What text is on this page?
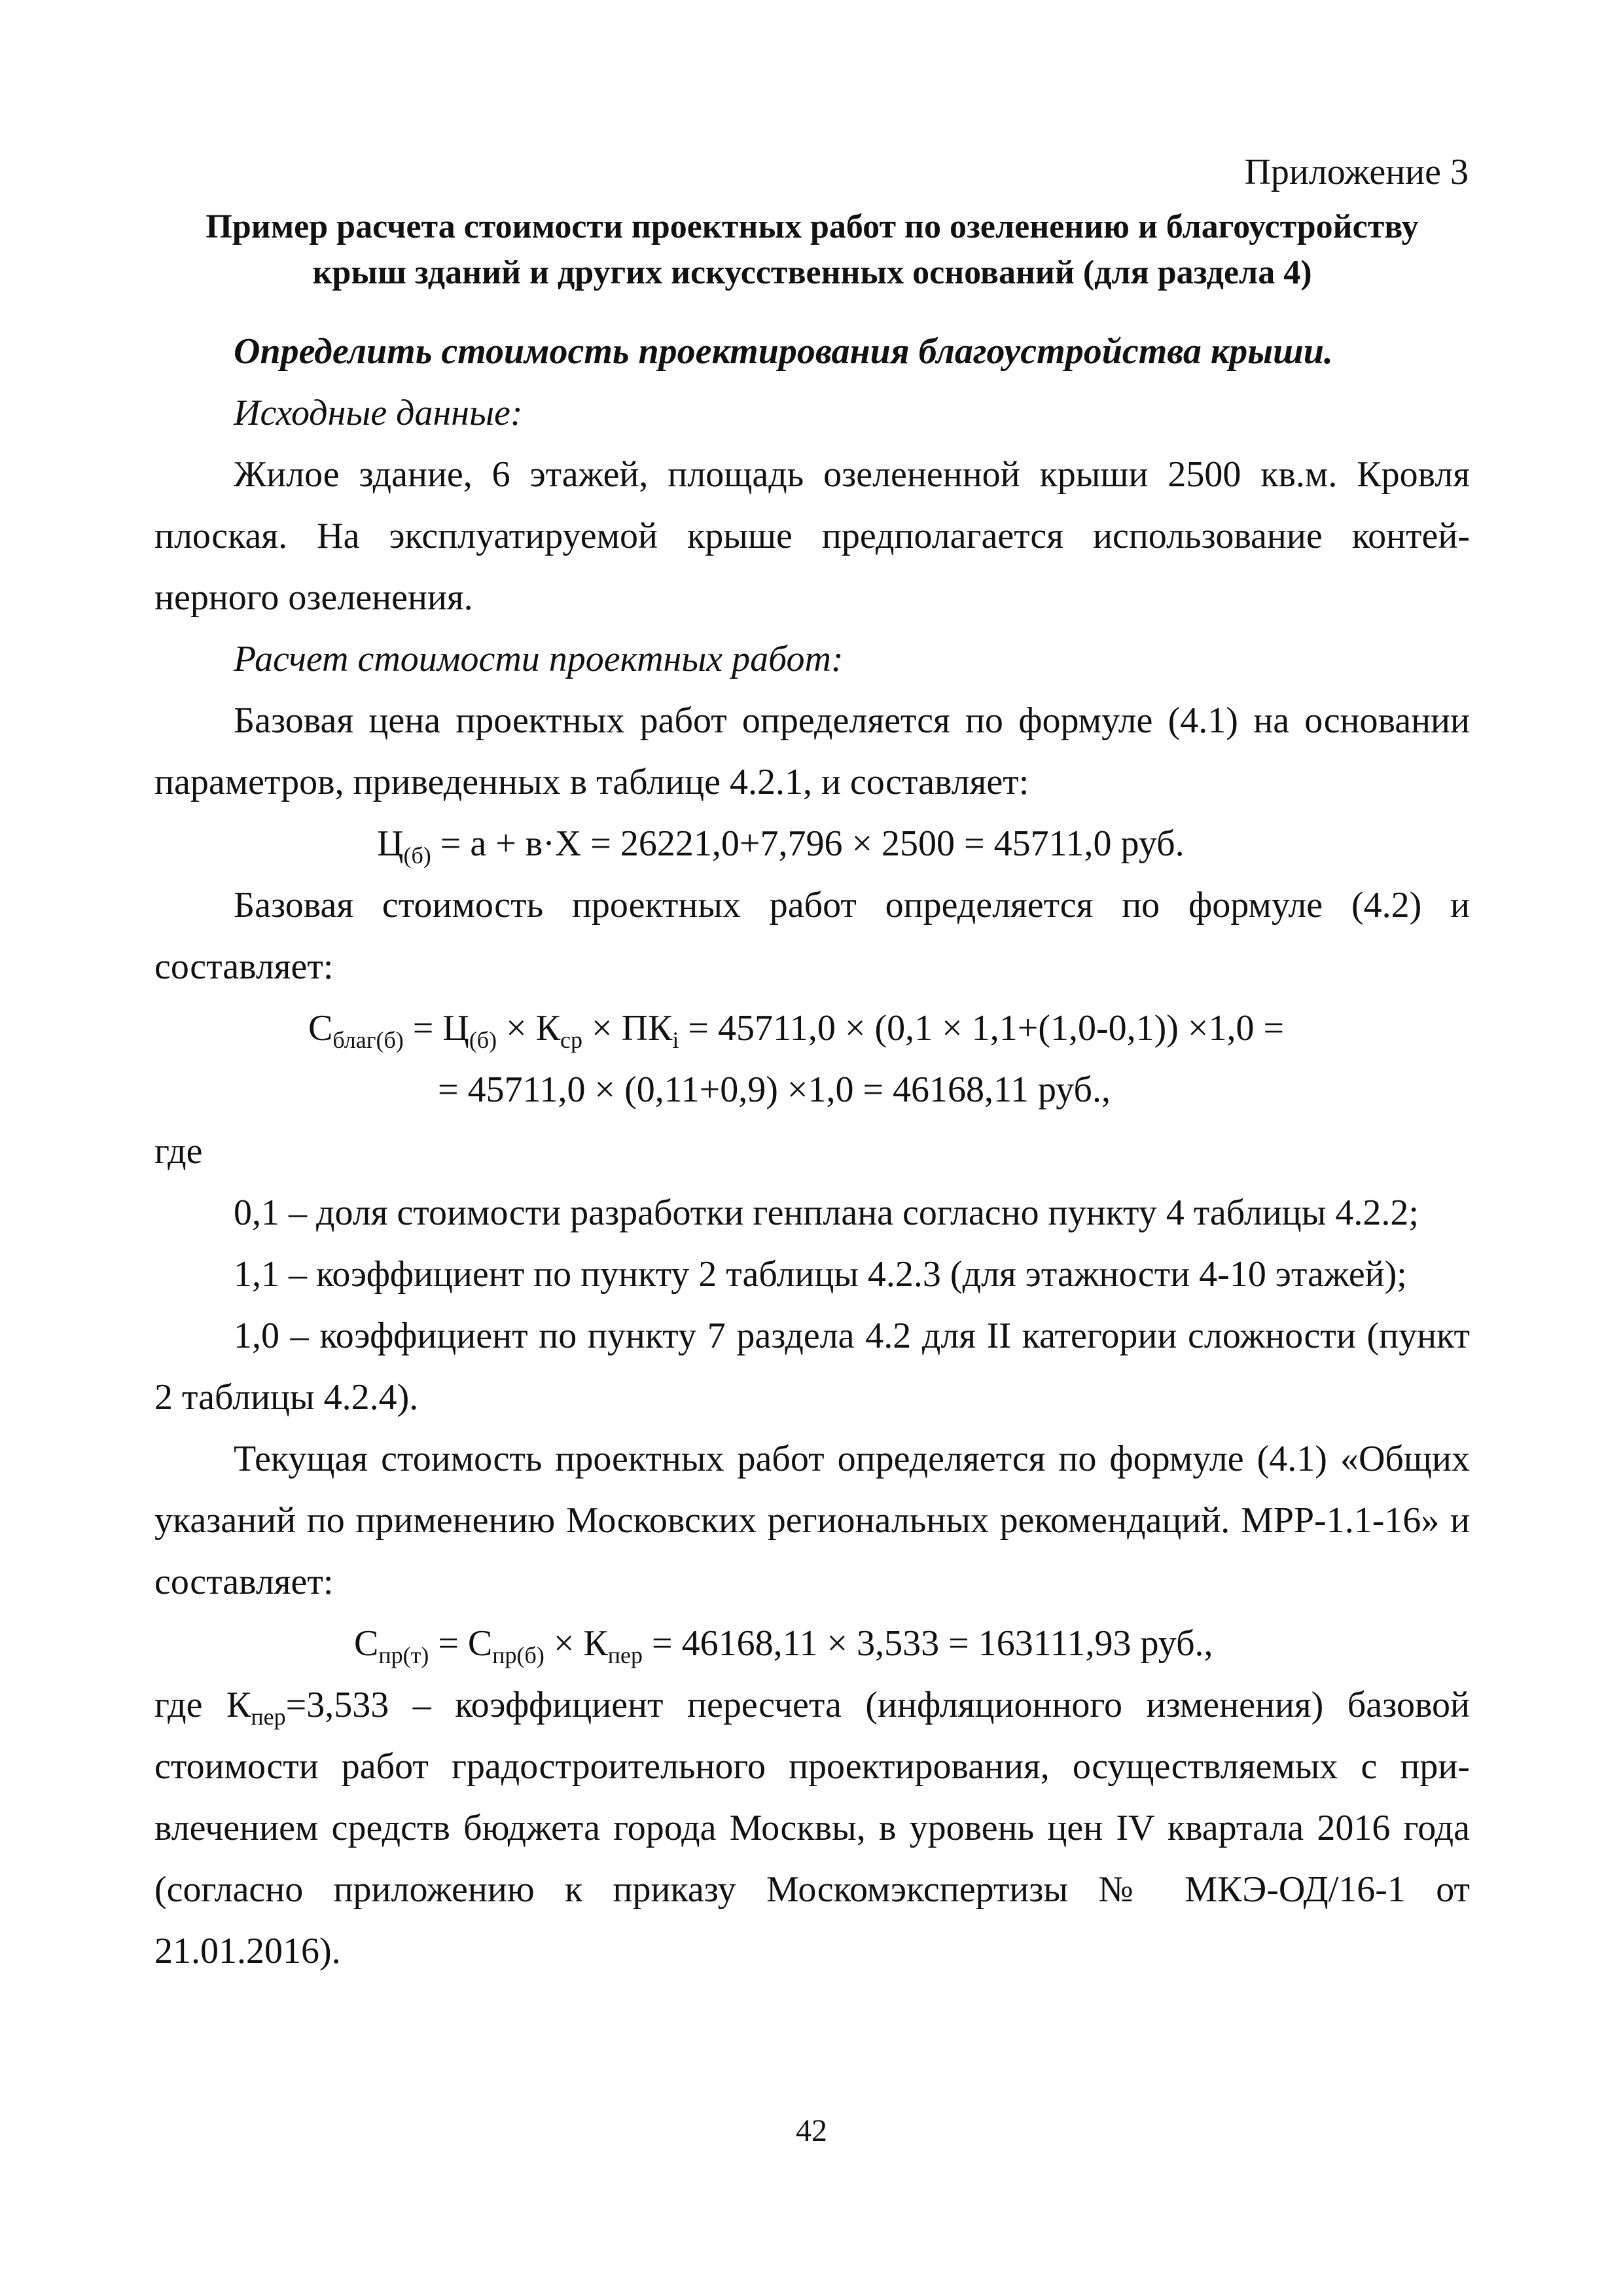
Приложение 3
Пример расчета стоимости проектных работ по озеленению и благоустройству
крыш зданий и других искусственных оснований (для раздела 4)

Определить стоимость проектирования благоустройства крыши.

Исходные данные:

Жилое здание, 6 этажей, площадь озелененной крыши 2500 кв.м. Кровля плоская. На эксплуатируемой крыше предполагается использование контей-нерного озеленения.

Расчет стоимости проектных работ:

Базовая цена проектных работ определяется по формуле (4.1) на основании параметров, приведенных в таблице 4.2.1, и составляет:

$Ц_{(б)} = а + в\cdot Х = 26221,0+7,796 \times 2500 = 45711,0$ руб.

Базовая стоимость проектных работ определяется по формуле (4.2) и составляет:

$С_{благ(б)} = Ц_{(б)} \times К_{ср} \times ПК_i = 45711,0 \times (0,1 \times 1,1+(1,0-0,1)) \times 1,0$ =

= 45711,0 × (0,11+0,9) ×1,0 = 46168,11 руб.,

где

0,1 – доля стоимости разработки генплана согласно пункту 4 таблицы 4.2.2;

1,1 – коэффициент по пункту 2 таблицы 4.2.3 (для этажности 4-10 этажей);

1,0 – коэффициент по пункту 7 раздела 4.2 для II категории сложности (пункт 2 таблицы 4.2.4).

Текущая стоимость проектных работ определяется по формуле (4.1) «Общих указаний по применению Московских региональных рекомендаций. МРР-1.1-16» и составляет:

$С_{пр(т)} = С_{пр(б)} \times К_{пер} = 46168,11 \times 3,533 = 163111,93$ руб.,

где $К_{пер}=3,533$ – коэффициент пересчета (инфляционного изменения) базовой стоимости работ градостроительного проектирования, осуществляемых с при-влечением средств бюджета города Москвы, в уровень цен IV квартала 2016 года (согласно приложению к приказу Москомэкспертизы № МКЭ-ОД/16-1 от 21.01.2016).

42
